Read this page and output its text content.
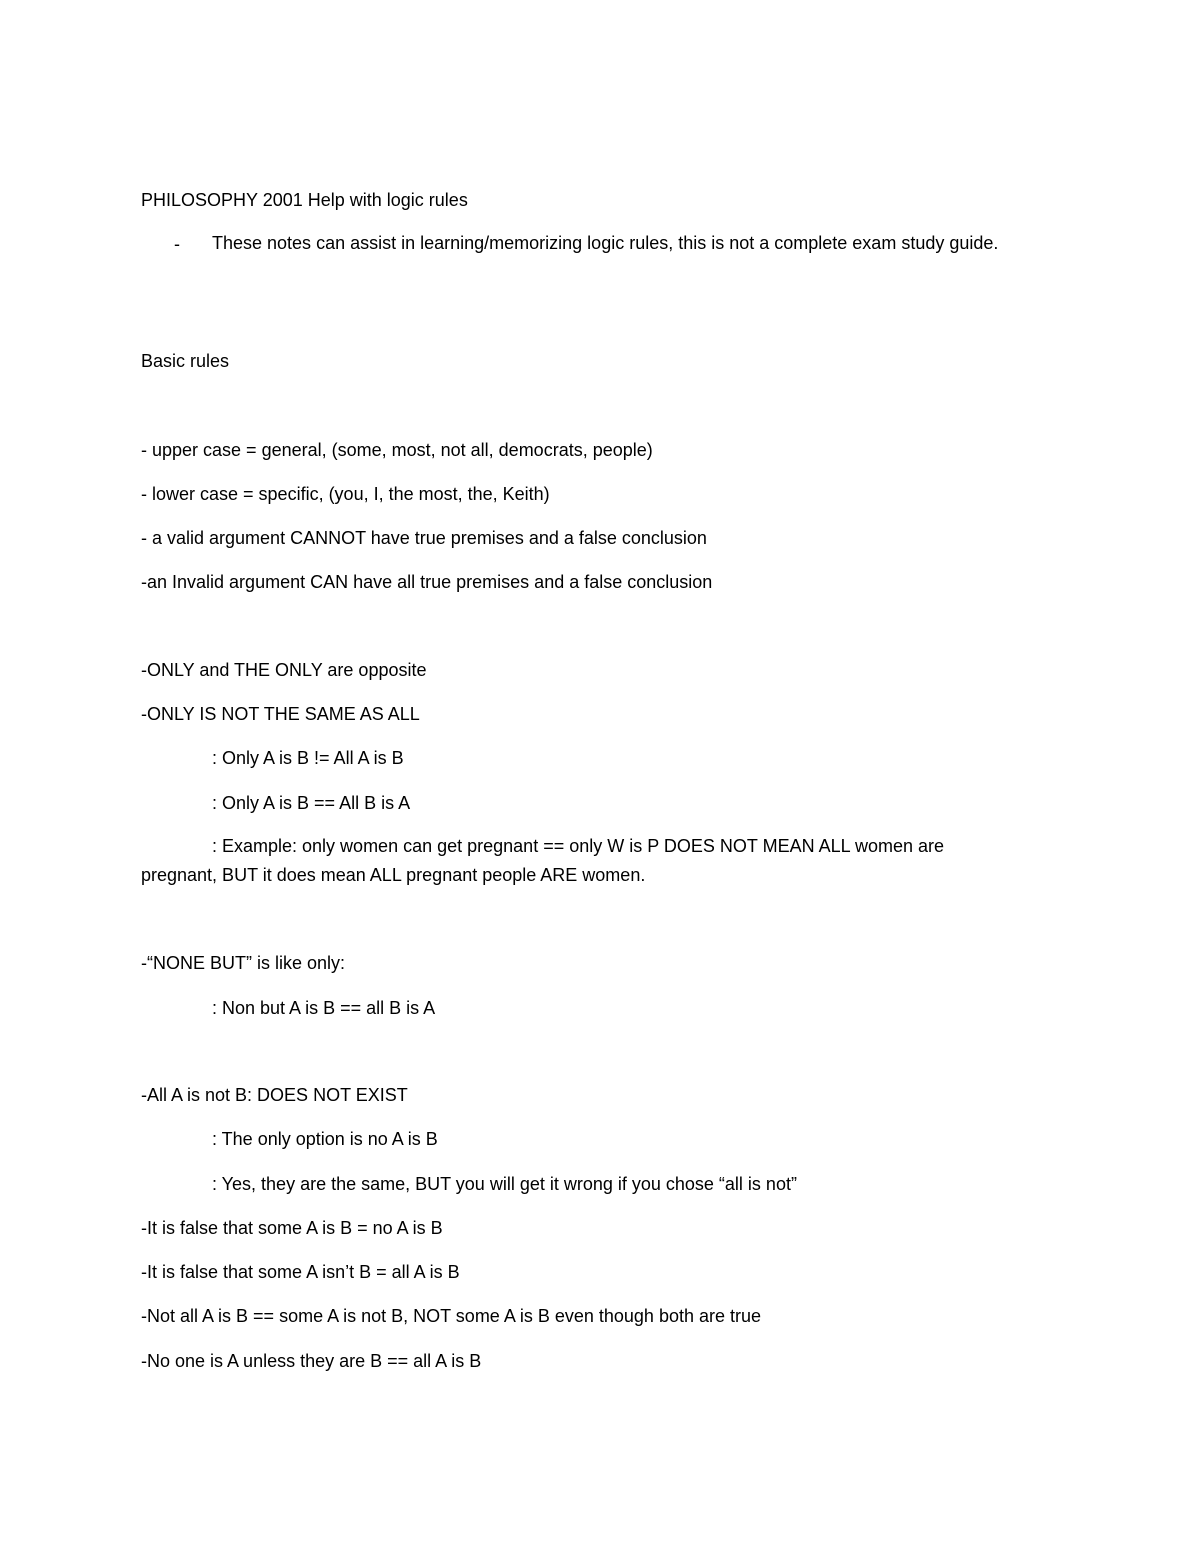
PHILOSOPHY 2001 Help with logic rules
- These notes can assist in learning/memorizing logic rules, this is not a complete exam study guide.
Basic rules
- upper case = general, (some, most, not all, democrats, people)
- lower case = specific, (you, I, the most, the, Keith)
- a valid argument CANNOT have true premises and a false conclusion
-an Invalid argument CAN have all true premises and a false conclusion
-ONLY and THE ONLY are opposite
-ONLY IS NOT THE SAME AS ALL
: Only A is B != All A is B
: Only A is B == All B is A
: Example: only women can get pregnant == only W is P DOES NOT MEAN ALL women are pregnant, BUT it does mean ALL pregnant people ARE women.
-“NONE BUT” is like only:
: Non but A is B == all B is A
-All A is not B: DOES NOT EXIST
: The only option is no A is B
: Yes, they are the same, BUT you will get it wrong if you chose “all is not”
-It is false that some A is B = no A is B
-It is false that some A isn’t B = all A is B
-Not all A is B == some A is not B, NOT some A is B even though both are true
-No one is A unless they are B == all A is B
